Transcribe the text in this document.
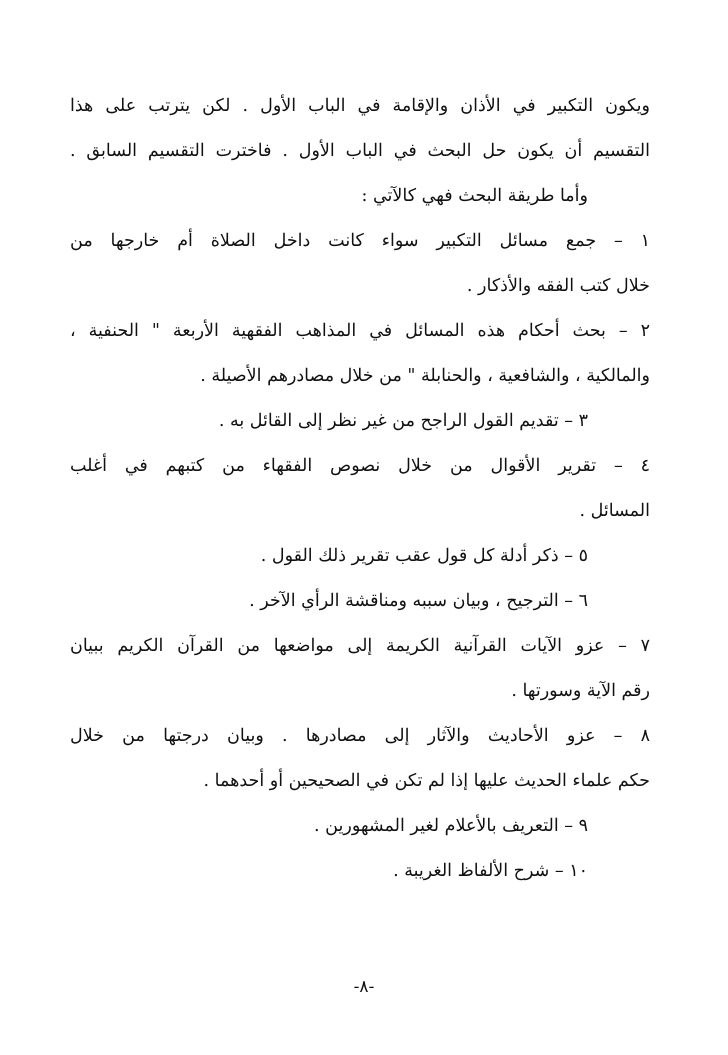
ويكون التكبير في الأذان والإقامة في الباب الأول . لكن يترتب على هذا
التقسيم أن يكون حل البحث في الباب الأول . فاخترت التقسيم السابق .
وأما طريقة البحث فهي كالآتي :
١ – جمع مسائل التكبير سواء كانت داخل الصلاة أم خارجها من
خلال كتب الفقه والأذكار .
٢ – بحث أحكام هذه المسائل في المذاهب الفقهية الأربعة " الحنفية ،
والمالكية ، والشافعية ، والحنابلة " من خلال مصادرهم الأصيلة .
٣ – تقديم القول الراجح من غير نظر إلى القائل به .
٤ – تقرير الأقوال من خلال نصوص الفقهاء من كتبهم في أغلب
المسائل .
٥ – ذكر أدلة كل قول عقب تقرير ذلك القول .
٦ – الترجيح ، وبيان سببه ومناقشة الرأي الآخر .
٧ – عزو الآيات القرآنية الكريمة إلى مواضعها من القرآن الكريم ببيان
رقم الآية وسورتها .
٨ – عزو الأحاديث والآثار إلى مصادرها . وبيان درجتها من خلال
حكم علماء الحديث عليها إذا لم تكن في الصحيحين أو أحدهما .
٩ – التعريف بالأعلام لغير المشهورين .
١٠ – شرح الألفاظ الغريبة .
-٨-
